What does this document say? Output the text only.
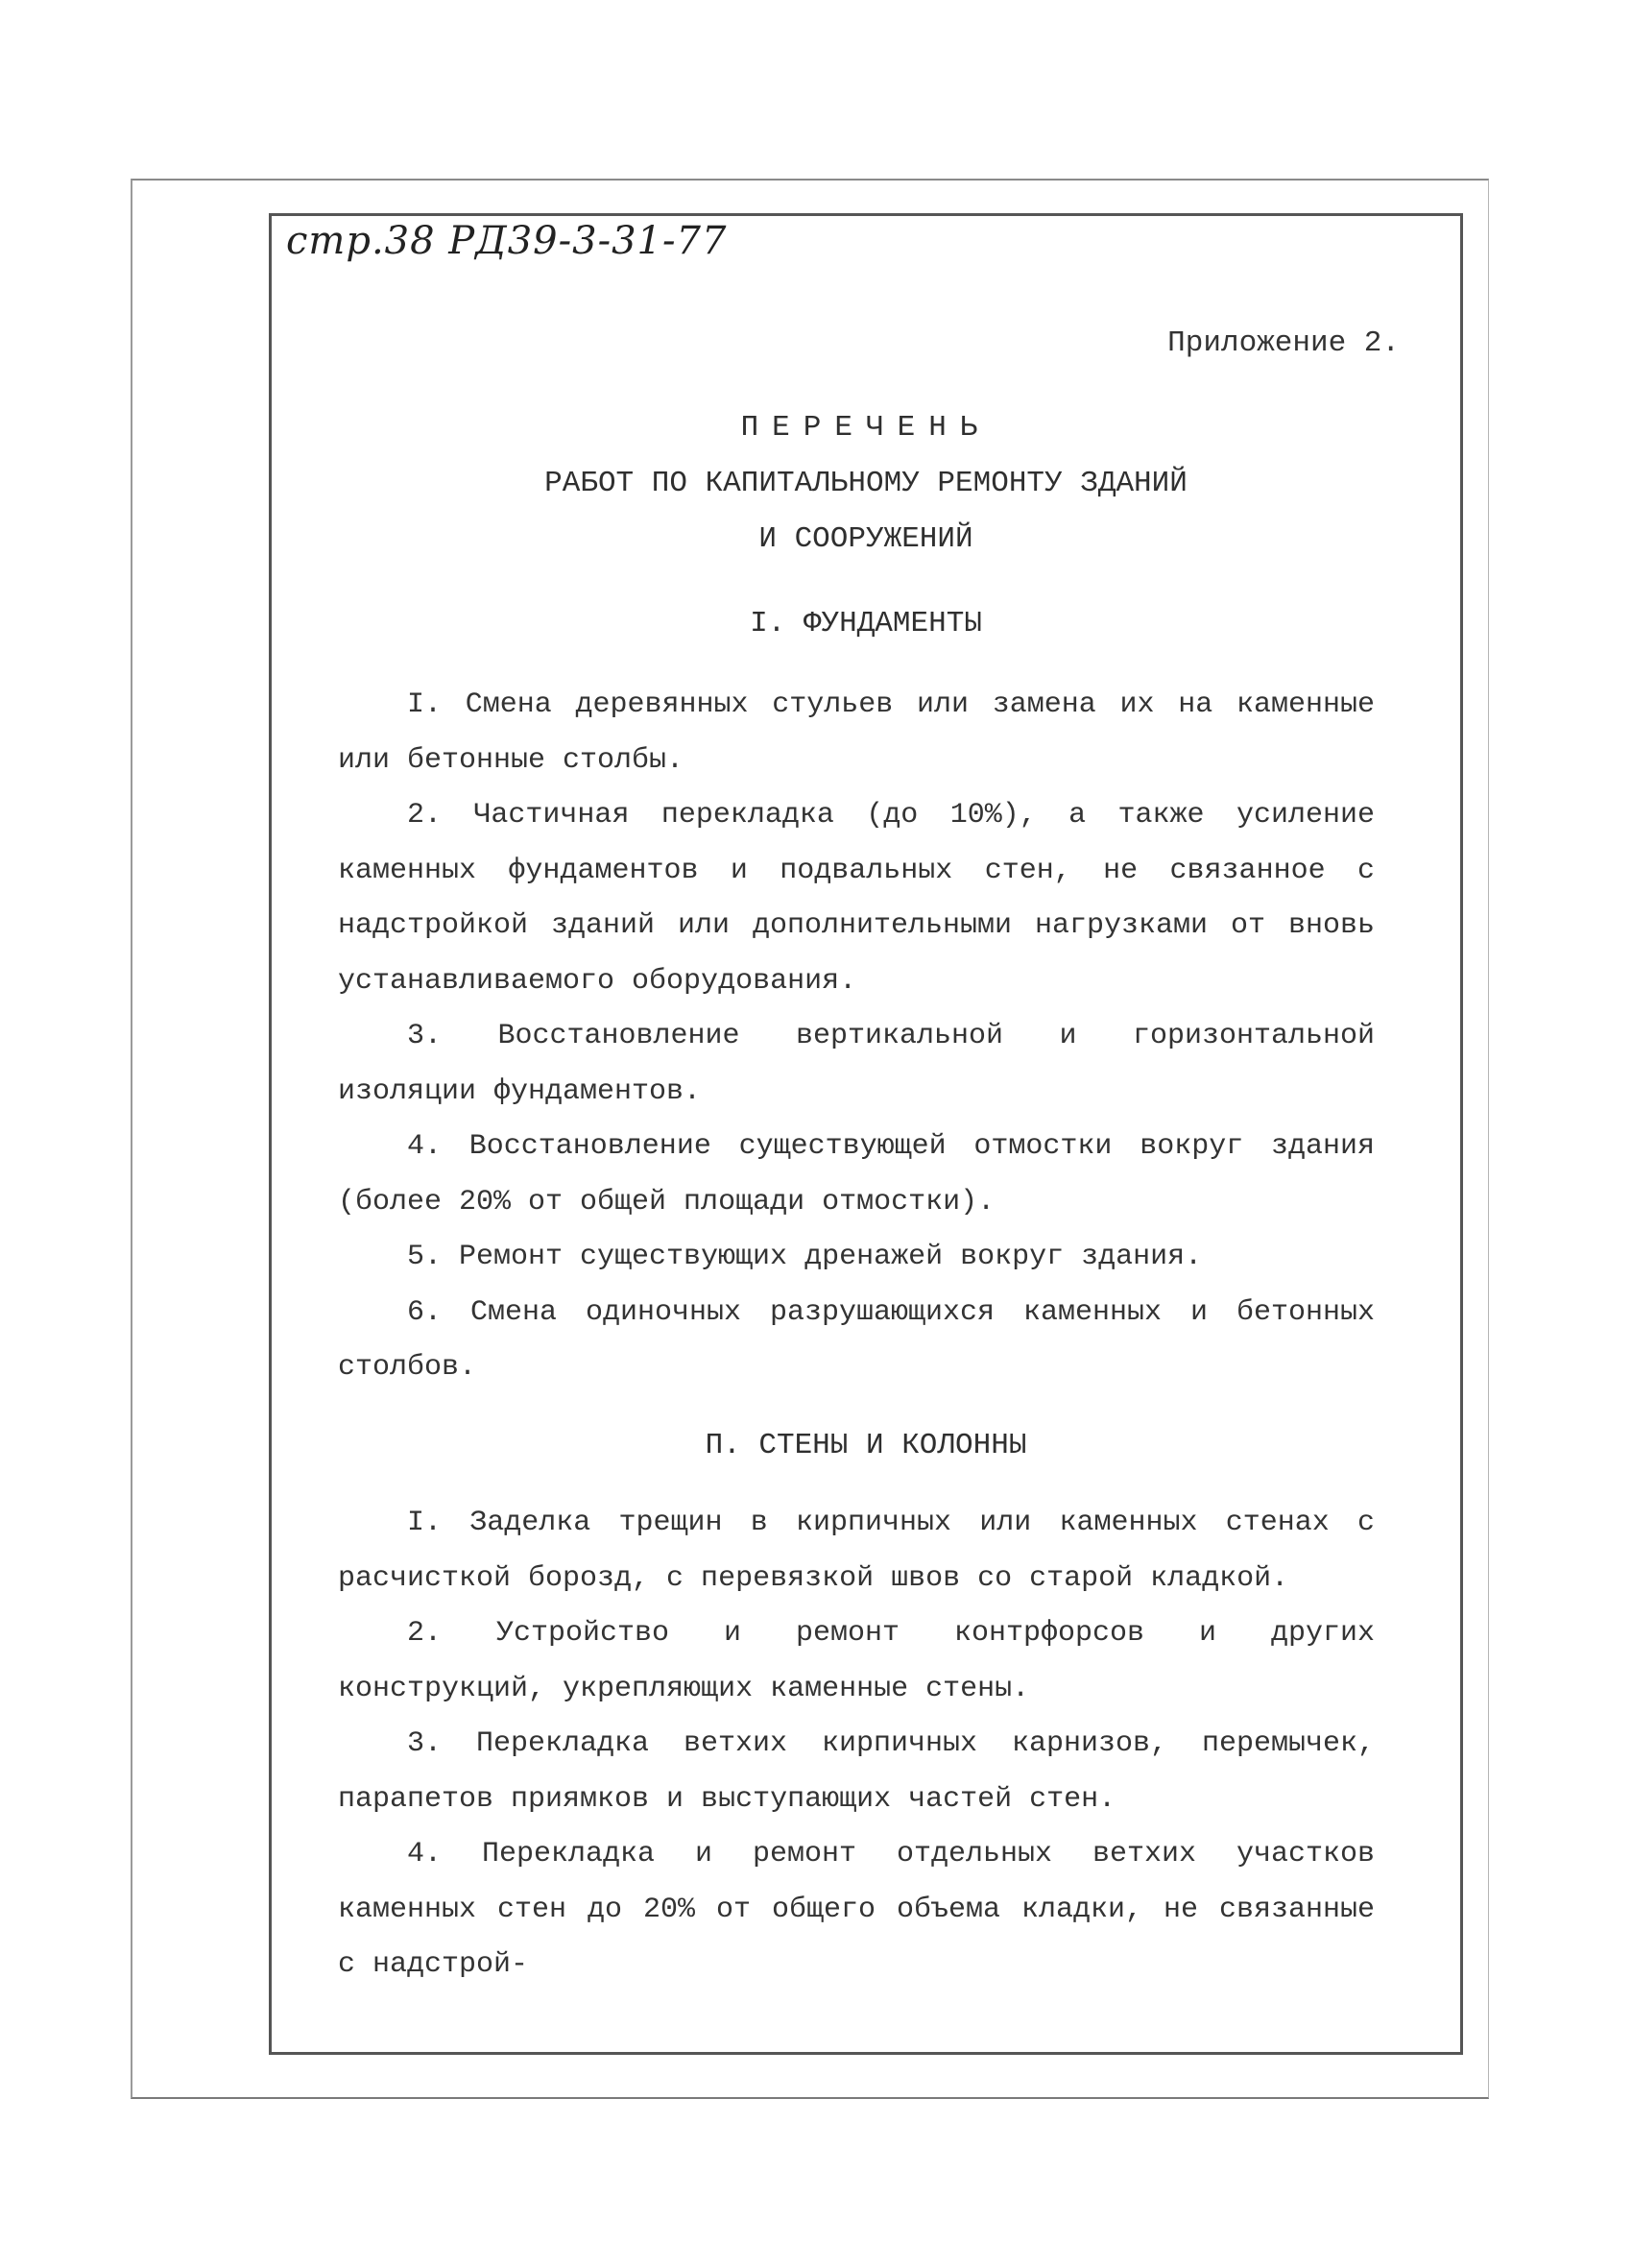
стр.38 РД39-3-31-77
Приложение 2.
ПЕРЕЧЕНЬ
РАБОТ ПО КАПИТАЛЬНОМУ РЕМОНТУ ЗДАНИЙ
И СООРУЖЕНИЙ
I. ФУНДАМЕНТЫ

I. Смена деревянных стульев или замена их на каменные или бетонные столбы.

2. Частичная перекладка (до 10%), а также усиление каменных фундаментов и подвальных стен, не связанное с надстройкой зданий или дополнительными нагрузками от вновь устанавливаемого оборудования.

3. Восстановление вертикальной и горизонтальной изоляции фундаментов.

4. Восстановление существующей отмостки вокруг здания (более 20% от общей площади отмостки).

5. Ремонт существующих дренажей вокруг здания.

6. Смена одиночных разрушающихся каменных и бетонных столбов.

П. СТЕНЫ И КОЛОННЫ

I. Заделка трещин в кирпичных или каменных стенах с расчисткой борозд, с перевязкой швов со старой кладкой.

2. Устройство и ремонт контрфорсов и других конструкций, укрепляющих каменные стены.

3. Перекладка ветхих кирпичных карнизов, перемычек, парапетов приямков и выступающих частей стен.

4. Перекладка и ремонт отдельных ветхих участков каменных стен до 20% от общего объема кладки, не связанные с надстрой-
